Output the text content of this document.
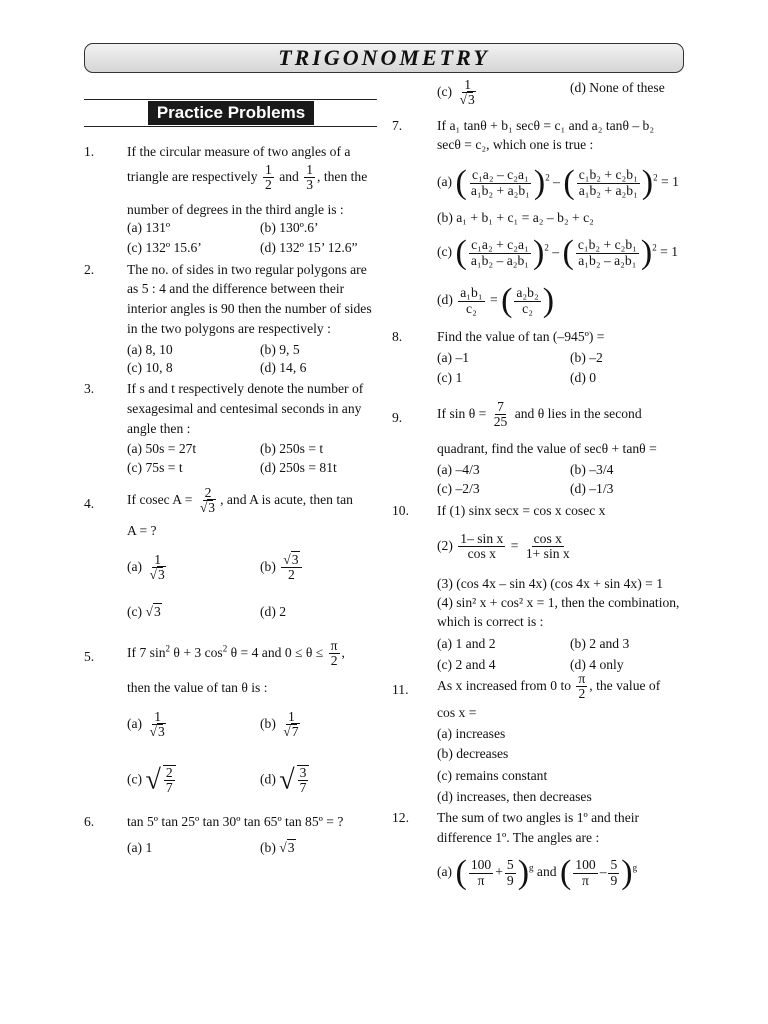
TRIGONOMETRY
Practice Problems
1. If the circular measure of two angles of a
triangle are respectively $\frac{1}{2}$ and $\frac{1}{3}$ , then the
number of degrees in the third angle is :
(a) 131º	(b) 130º.6’
(c) 132º 15.6’	(d) 132º 15’ 12.6”
2. The no. of sides in two regular polygons are
as 5 : 4 and the difference between their
interior angles is 90 then the number of sides
in the two polygons are respectively :
(a) 8, 10	(b) 9, 5
(c) 10, 8	(d) 14, 6
3. If s and t respectively denote the number of
sexagesimal and centesimal seconds in any
angle then :
(a) 50s = 27t	(b) 250s = t
(c) 75s = t	(d) 250s = 81t
4. If cosec $A = \frac{2}{√3}$ , and A is acute, then tan
A = ?
$(a) \frac{1}{√3}$	$(b) \frac{√3}{2}$
(c) √3	(d) 2
5. If 7 $\sin^2 \theta + 3$ $\cos^2 \theta = 4$ and $0 \le \theta \le \frac{\pi}{2}$ ,
then the value of tan θ is :
$(a) \frac{1}{√3}$	$(b) \frac{1}{√7}$
(c) √ $\frac{2}{7}$	(d) √ $\frac{3}{7}$
6. tan 5º tan 25º tan 30º tan 65º tan 85º = ?
(a) 1	(b) √3
$(c) \frac{1}{√3}$	(d) None of these
7.	If a₁ tanθ + b₁ secθ = c₁ and a₂ tanθ – b₂
secθ = c₂, which one is true :
(a) ( $\frac{\text{c₁a₂ – c₂a₁}}{\text{a₁b₂ + a₂b₁}} )^2$ – ( $\frac{\text{c₁b₂ + c₂b₁}}{\text{a₁b₂ + a₂b₁}} )^2 = 1$
(b) a₁ + b₁ + c₁ = a₂ – b₂ + c₂
(c) ( $\frac{\text{c₁a₂ + c₂a₁}}{\text{a₁b₂ – a₂b₁}} )^2$ – ( $\frac{\text{c₁b₂ + c₂b₁}}{\text{a₁b₂ – a₂b₁}} )^2 = 1$
$(d) \frac{\text{a₁b₁}}{\text{c₂}}$ = ( $\frac{\text{a₂b₂}}{\text{c₂}}$ )
8.	Find the value of tan (–945º) =
(a) –1	(b) –2
(c) 1	(d) 0
9.	If $\sin \theta = \frac{7}{25}$ and θ lies in the second
quadrant, find the value of secθ + tanθ =
(a) –4/3	(b) –3/4
(c) –2/3	(d) –1/3
10. If (1) sinx secx = cos x cosec x
$(2) \frac{\text{1– sin x}}{\text{cos x}} = \frac{\text{cos x}}{\text{1+ sin x}}$
(3) (cos 4x – sin 4x) (cos 4x + sin 4x) = 1
(4) sin² x + cos² x = 1, then the combination,
which is correct is :
(a) 1 and 2	(b) 2 and 3
(c) 2 and 4	(d) 4 only
11. As x increased from 0 to $\frac{\pi}{2}$ , the value of
cos x =
(a) increases
(b) decreases
(c) remains constant
(d) increases, then decreases
12. The sum of two angles is 1º and their
difference 1º. The angles are :
(a) ( $\frac{100}{\pi} + \frac{5}{9} )^g$ and ( $\frac{100}{\pi} - \frac{5}{9} )^g$
